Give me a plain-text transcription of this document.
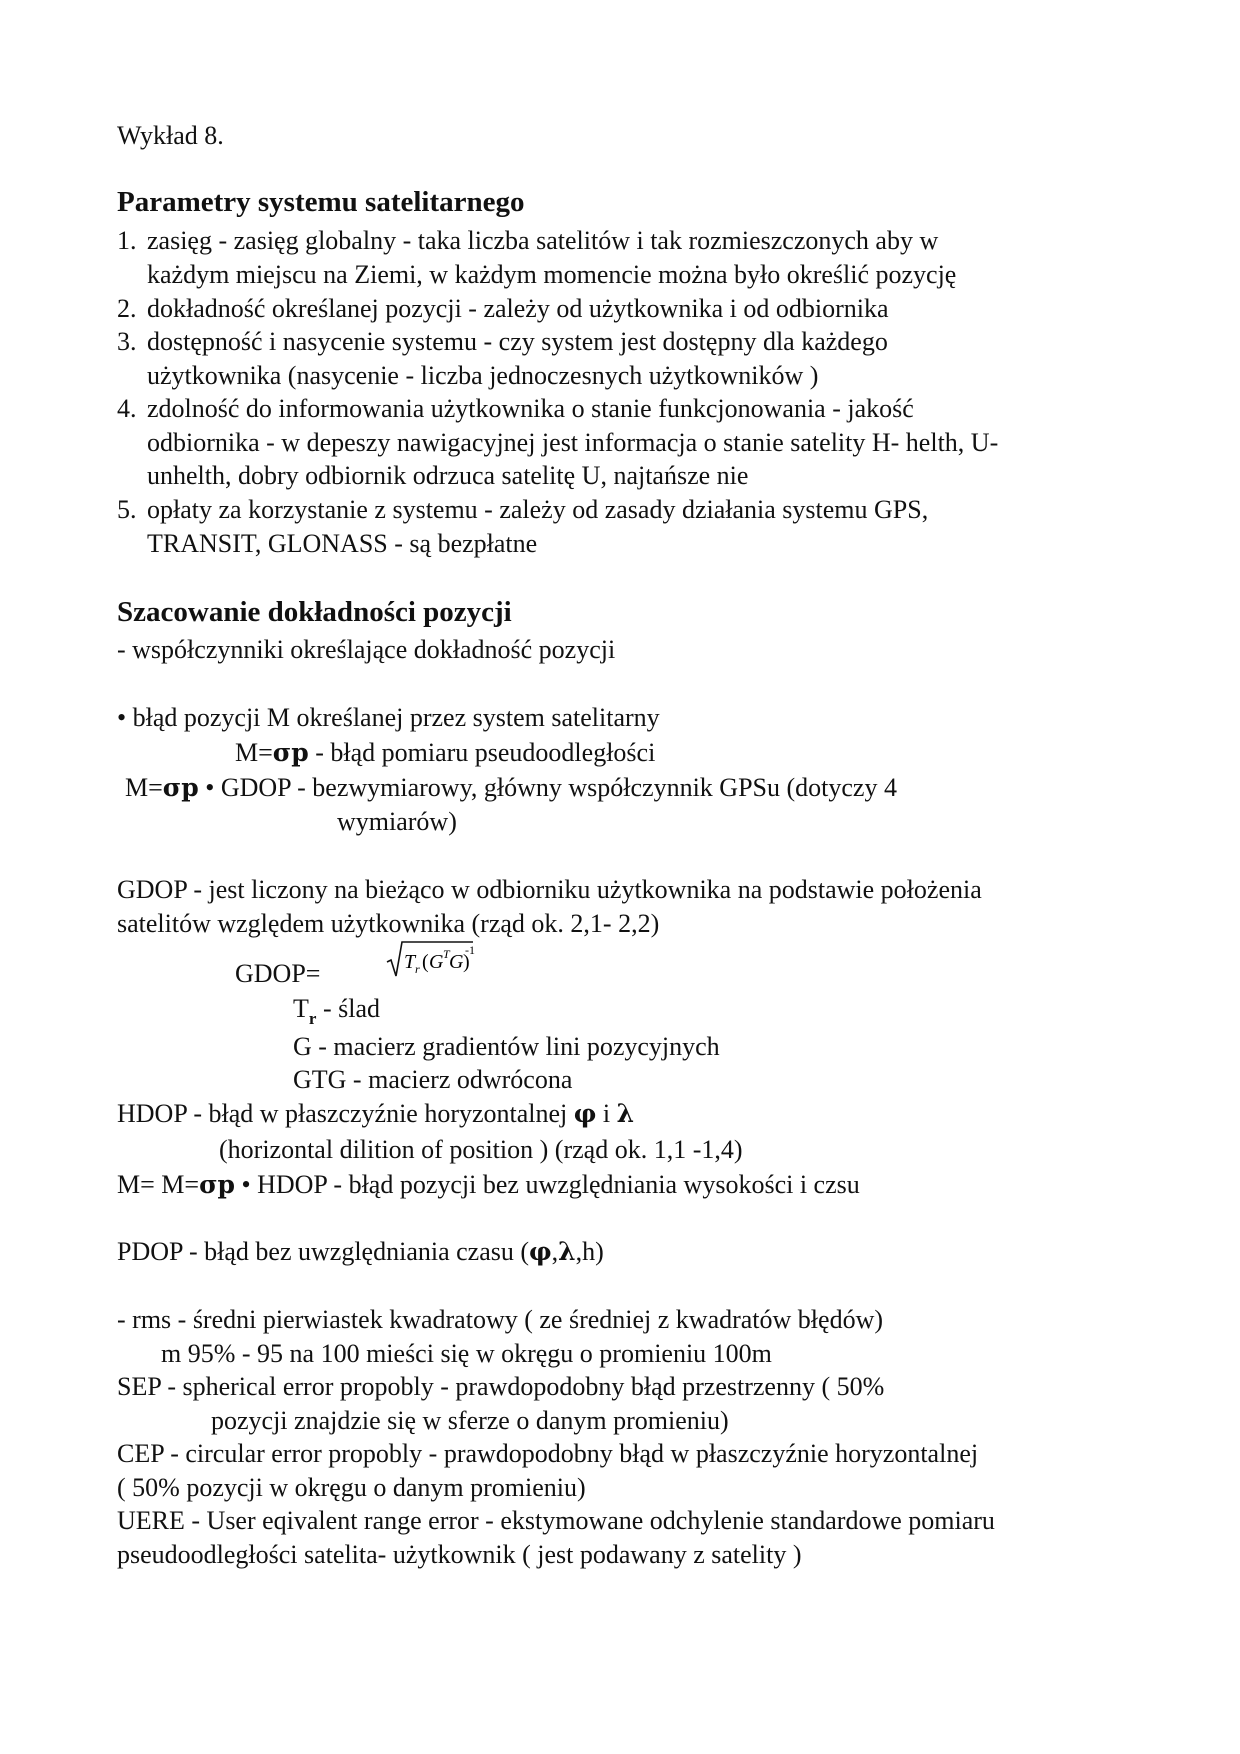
Wykład 8.
Parametry systemu satelitarnego
1. zasięg - zasięg globalny - taka liczba satelitów i tak rozmieszczonych aby w
każdym miejscu na Ziemi, w każdym momencie można było określić pozycję
2. dokładność określanej pozycji - zależy od użytkownika i od odbiornika
3. dostępność i nasycenie systemu - czy system jest dostępny dla każdego
użytkownika (nasycenie - liczba jednoczesnych użytkowników )
4. zdolność do informowania użytkownika o stanie funkcjonowania - jakość
odbiornika - w depeszy nawigacyjnej jest informacja o stanie satelity H- helth, U-
unhelth, dobry odbiornik odrzuca satelitę U, najtańsze nie
5. opłaty za korzystanie z systemu - zależy od zasady działania systemu GPS,
TRANSIT, GLONASS - są bezpłatne
Szacowanie dokładności pozycji
- współczynniki określające dokładność pozycji
• błąd pozycji M określanej przez system satelitarny
M=σp - błąd pomiaru pseudoodległości
M=σp • GDOP - bezwymiarowy, główny współczynnik GPSu (dotyczy 4
wymiarów)
GDOP - jest liczony na bieżąco w odbiorniku użytkownika na podstawie położenia
satelitów względem użytkownika (rząd ok. 2,1- 2,2)
GDOP=	T r ( G T G )
-1
$T_r$ - ślad
G - macierz gradientów lini pozycyjnych
GTG - macierz odwrócona
HDOP - błąd w płaszczyźnie horyzontalnej φ i λ
(horizontal dilition of position ) (rząd ok. 1,1 -1,4)
M= M=σp • HDOP - błąd pozycji bez uwzględniania wysokości i czsu
PDOP - błąd bez uwzględniania czasu (φ,λ,h)
- rms - średni pierwiastek kwadratowy ( ze średniej z kwadratów błędów)
m 95% - 95 na 100 mieści się w okręgu o promieniu 100m
SEP - spherical error propobly - prawdopodobny błąd przestrzenny ( 50%
pozycji znajdzie się w sferze o danym promieniu)
CEP - circular error propobly - prawdopodobny błąd w płaszczyźnie horyzontalnej
( 50% pozycji w okręgu o danym promieniu)
UERE - User eqivalent range error - ekstymowane odchylenie standardowe pomiaru
pseudoodległości satelita- użytkownik ( jest podawany z satelity )
